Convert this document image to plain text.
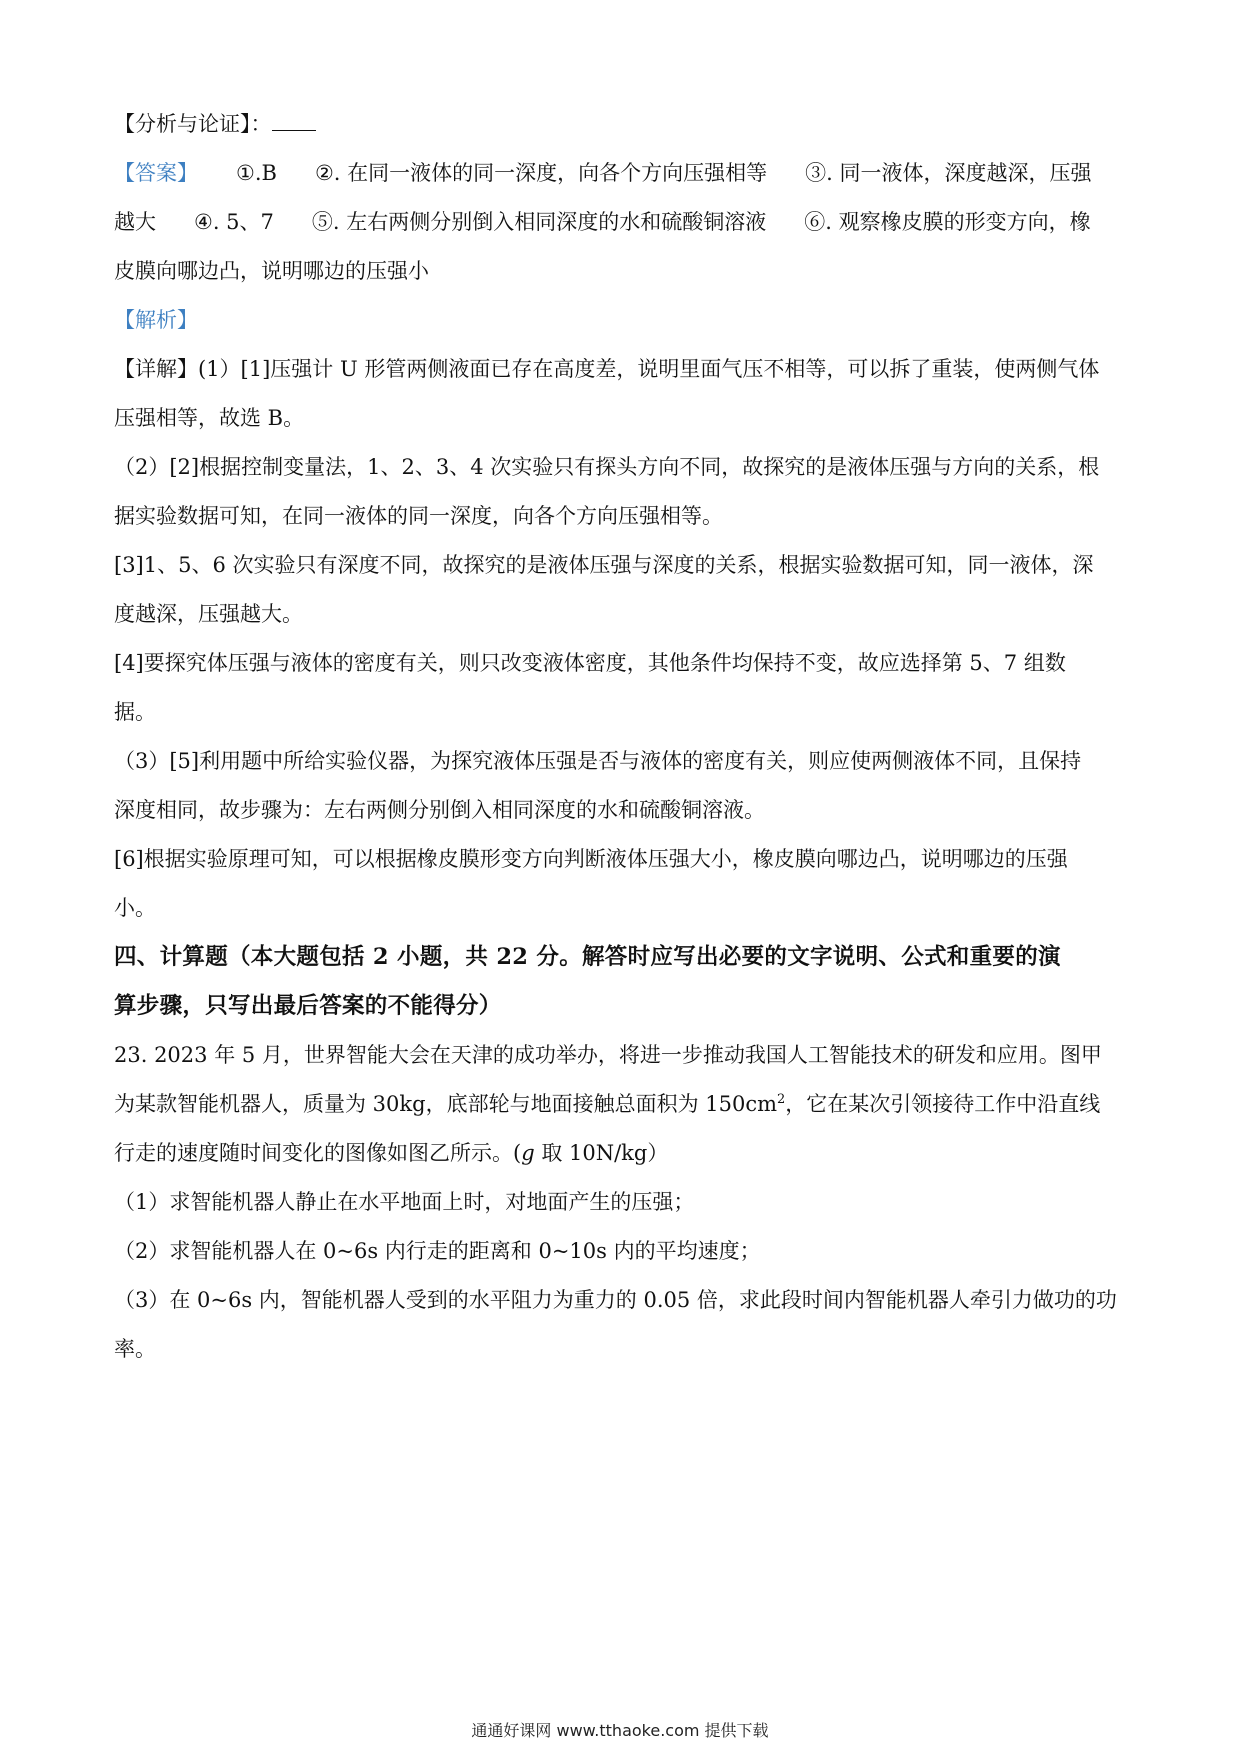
【分析与论证】：

【答案】 ①.B ②. 在同一液体的同一深度，向各个方向压强相等 ③. 同一液体，深度越深，压强

越大 ④. 5、7 ⑤. 左右两侧分别倒入相同深度的水和硫酸铜溶液 ⑥. 观察橡皮膜的形变方向，橡

皮膜向哪边凸，说明哪边的压强小

【解析】

【详解】(1）[1]压强计 U 形管两侧液面已存在高度差，说明里面气压不相等，可以拆了重装，使两侧气体

压强相等，故选 B。

（2）[2]根据控制变量法，1、2、3、4 次实验只有探头方向不同，故探究的是液体压强与方向的关系，根

据实验数据可知，在同一液体的同一深度，向各个方向压强相等。

[3]1、5、6 次实验只有深度不同，故探究的是液体压强与深度的关系，根据实验数据可知，同一液体，深

度越深，压强越大。

[4]要探究体压强与液体的密度有关，则只改变液体密度，其他条件均保持不变，故应选择第 5、7 组数

据。

（3）[5]利用题中所给实验仪器，为探究液体压强是否与液体的密度有关，则应使两侧液体不同，且保持

深度相同，故步骤为：左右两侧分别倒入相同深度的水和硫酸铜溶液。

[6]根据实验原理可知，可以根据橡皮膜形变方向判断液体压强大小，橡皮膜向哪边凸，说明哪边的压强

小。

四、计算题（本大题包括 2 小题，共 22 分。解答时应写出必要的文字说明、公式和重要的演

算步骤，只写出最后答案的不能得分）

23. 2023 年 5 月，世界智能大会在天津的成功举办，将进一步推动我国人工智能技术的研发和应用。图甲

为某款智能机器人，质量为 30kg，底部轮与地面接触总面积为 $150cm^2$，它在某次引领接待工作中沿直线

行走的速度随时间变化的图像如图乙所示。(g 取 10N/kg）

（1）求智能机器人静止在水平地面上时，对地面产生的压强；

（2）求智能机器人在 0~6s 内行走的距离和 0~10s 内的平均速度；

（3）在 0~6s 内，智能机器人受到的水平阻力为重力的 0.05 倍，求此段时间内智能机器人牵引力做功的功

率。

通通好课网 www.tthaoke.com 提供下载
